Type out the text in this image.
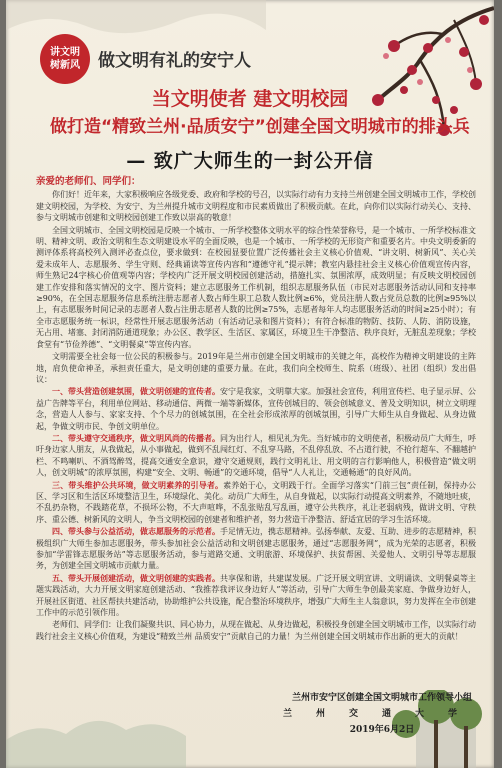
讲文明
树新风 做文明有礼的安宁人
当文明使者 建文明校园
做打造“精致兰州·品质安宁”创建全国文明城市的排头兵
— 致广大师生的一封公开信
亲爱的老师们、同学们：

你们好！近年来，大家积极响应各级党委、政府和学校的号召，以实际行动有力支持兰州创建全国文明城市工作，学校创建文明校园，为学校、为安宁、为兰州提升城市文明程度和市民素质做出了积极贡献。在此，向你们以实际行动关心、支持、参与文明城市创建和文明校园创建工作致以崇高的敬意！

全国文明城市、全国文明校园是反映一个城市、一所学校整体文明水平的综合性荣誉称号，是一个城市、一所学校标准文明、精神文明、政治文明和生态文明建设水平的全面反映，也是一个城市、一所学校的无形资产和重要名片。中央文明委新的测评体系将高校列入测评必查点位，要求做到：在校园显要位置广泛传播社会主义核心价值观、“讲文明、树新风”、关心关爱未成年人、志愿服务、学生守则、经典诵读等宣传内容和“遵德守礼”提示牌；教室内悬挂社会主义核心价值观宣传内容，师生熟记24字核心价值观等内容；学校内广泛开展文明校园创建活动，措施扎实、氛围浓厚，成效明显；有反映文明校园创建工作安排和落实情况的文字、图片资料；建立志愿服务工作机制，组织志愿服务队伍（市民对志愿服务活动认同和支持率≥90%，在全国志愿服务信息系统注册志愿者人数占师生职工总数人数比例≥6%，党员注册人数占党员总数的比例≥95%以上，有志愿服务时间记录的志愿者人数占注册志愿者人数的比例≥75%，志愿者每年人均志愿服务活动的时间≥25小时）；有全市志愿服务统一标识，经常性开展志愿服务活动（有活动记录和图片资料）；有符合标准的物防、技防、人防、消防设施，无占用、堵塞、封闭消防通道现象；办公区、教学区、生活区、家属区，环境卫生干净整洁、秩序良好，无脏乱差现象；学校食堂有“节俭养德”、“文明餐桌”等宣传内容。

文明需要全社会每一位公民的积极参与。2019年是兰州市创建全国文明城市的关键之年，高校作为精神文明建设的主阵地，肩负使命神圣，承担责任重大，是文明创建的重要力量。在此，我们向全校师生、院系（班级）、社团（组织）发出倡议：

一、带头营造创建氛围，做文明创建的宣传者。安宁是我家，文明靠大家。加强社会宣传，利用宣传栏、电子显示屏、公益广告牌等平台，利用单位网站、移动通信、两微一端等新媒体，宣传创城目的、领会创城意义、普及文明知识，树立文明理念，营造人人参与、家家支持、个个尽力的创城氛围，在全社会形成浓厚的创城氛围，引导广大师生从自身做起、从身边做起，争做文明市民、争创文明单位。

二、带头遵守交通秩序，做文明风尚的传播者。同为出行人，相见礼为先。当好城市的文明使者，积极动员广大师生，呼吁身边家人朋友，从我做起，从小事做起，做到不乱闯红灯、不乱穿马路，不乱停乱放、不占道行驶，不抢行超车、不翻越护栏、不鸣喇叭、不酒驾醉驾，提高交通安全意识，遵守交通规则，践行文明礼让、用文明的言行影响他人，积极营造“做文明人，创文明城”的浓厚氛围，构建“安全、文明、畅通”的交通环境，倡导“人人礼让，交通畅通”的良好风尚。

三、带头维护公共环境，做文明素养的引导者。素养始于心，文明践于行。全面学习落实“门前三包”责任制，保持办公区、学习区和生活区环境整洁卫生，环境绿化、美化。动员广大师生，从自身做起，以实际行动提高文明素养，不随地吐痰，不乱扔杂物，不践踏花草，不损坏公物，不大声喧哗，不乱张贴乱写乱画，遵守公共秩序，礼让老弱病残，做讲文明、守秩序、重公德、树新风的文明人，争当文明校园的创建者和维护者，努力营造干净整洁、舒适宜居的学习生活环境。

四、带头参与公益活动，做志愿服务的示范者。手足情无边，携志愿精神。弘扬奉献、友爱、互助、进步的志愿精神，积极组织广大师生参加志愿服务，带头参加社会公益活动和文明创建志愿服务，通过“志愿服务网”，成为光荣的志愿者，积极参加“学雷锋志愿服务站”等志愿服务活动，参与道路交通、文明旅游、环境保护、扶贫帮困、关爱他人、文明引导等志愿服务，为创建全国文明城市贡献力量。

五、带头开展创建活动，做文明创建的实践者。共享保和谐，共建谋发展。广泛开展文明宣讲、文明诵读、文明餐桌等主题实践活动，大力开展文明家庭创建活动、“我推荐我评议身边好人”等活动，引导广大师生争创最美家庭、争做身边好人，开展社区街道、社区帮扶共建活动，协助维护公共设施，配合整治环境秩序，增强广大师生主人翁意识，努力发挥在全市创建工作中的示范引领作用。

老师们、同学们：让我们凝聚共识、同心协力，从现在做起、从身边做起，积极投身创建全国文明城市工作，以实际行动践行社会主义核心价值观，为建设“精致兰州 品质安宁”贡献自己的力量！为兰州创建全国文明城市作出新的更大的贡献！

兰州市安宁区创建全国文明城市工作领导小组
兰州交通大学
2019年6月2日
